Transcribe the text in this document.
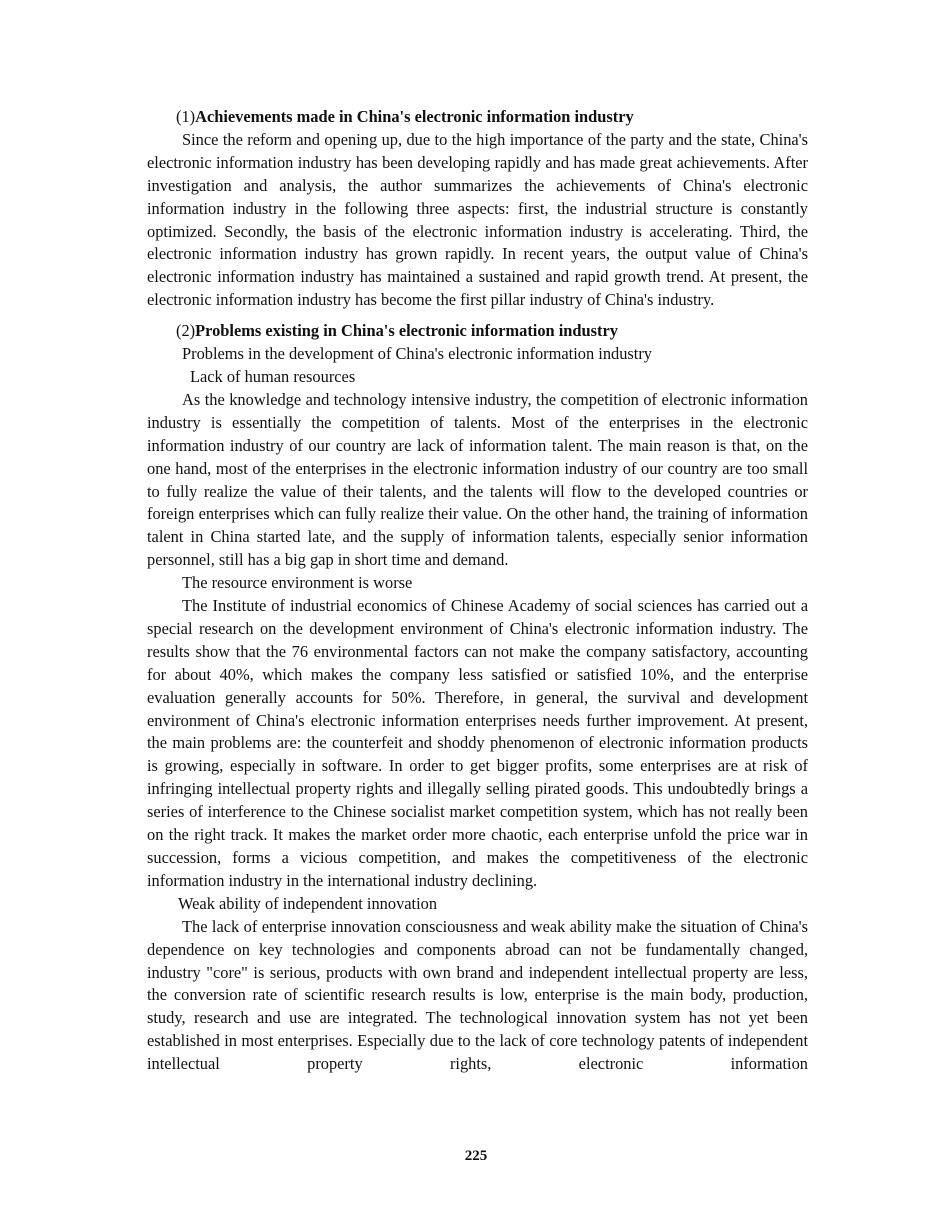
(1)Achievements made in China's electronic information industry

Since the reform and opening up, due to the high importance of the party and the state, China's electronic information industry has been developing rapidly and has made great achievements. After investigation and analysis, the author summarizes the achievements of China's electronic information industry in the following three aspects: first, the industrial structure is constantly optimized. Secondly, the basis of the electronic information industry is accelerating. Third, the electronic information industry has grown rapidly. In recent years, the output value of China's electronic information industry has maintained a sustained and rapid growth trend. At present, the electronic information industry has become the first pillar industry of China's industry.

(2)Problems existing in China's electronic information industry

Problems in the development of China's electronic information industry

Lack of human resources

As the knowledge and technology intensive industry, the competition of electronic information industry is essentially the competition of talents. Most of the enterprises in the electronic information industry of our country are lack of information talent. The main reason is that, on the one hand, most of the enterprises in the electronic information industry of our country are too small to fully realize the value of their talents, and the talents will flow to the developed countries or foreign enterprises which can fully realize their value. On the other hand, the training of information talent in China started late, and the supply of information talents, especially senior information personnel, still has a big gap in short time and demand.

The resource environment is worse

The Institute of industrial economics of Chinese Academy of social sciences has carried out a special research on the development environment of China's electronic information industry. The results show that the 76 environmental factors can not make the company satisfactory, accounting for about 40%, which makes the company less satisfied or satisfied 10%, and the enterprise evaluation generally accounts for 50%. Therefore, in general, the survival and development environment of China's electronic information enterprises needs further improvement. At present, the main problems are: the counterfeit and shoddy phenomenon of electronic information products is growing, especially in software. In order to get bigger profits, some enterprises are at risk of infringing intellectual property rights and illegally selling pirated goods. This undoubtedly brings a series of interference to the Chinese socialist market competition system, which has not really been on the right track. It makes the market order more chaotic, each enterprise unfold the price war in succession, forms a vicious competition, and makes the competitiveness of the electronic information industry in the international industry declining.

Weak ability of independent innovation

The lack of enterprise innovation consciousness and weak ability make the situation of China's dependence on key technologies and components abroad can not be fundamentally changed, industry "core" is serious, products with own brand and independent intellectual property are less, the conversion rate of scientific research results is low, enterprise is the main body, production, study, research and use are integrated. The technological innovation system has not yet been established in most enterprises. Especially due to the lack of core technology patents of independent intellectual property rights, electronic information

225
